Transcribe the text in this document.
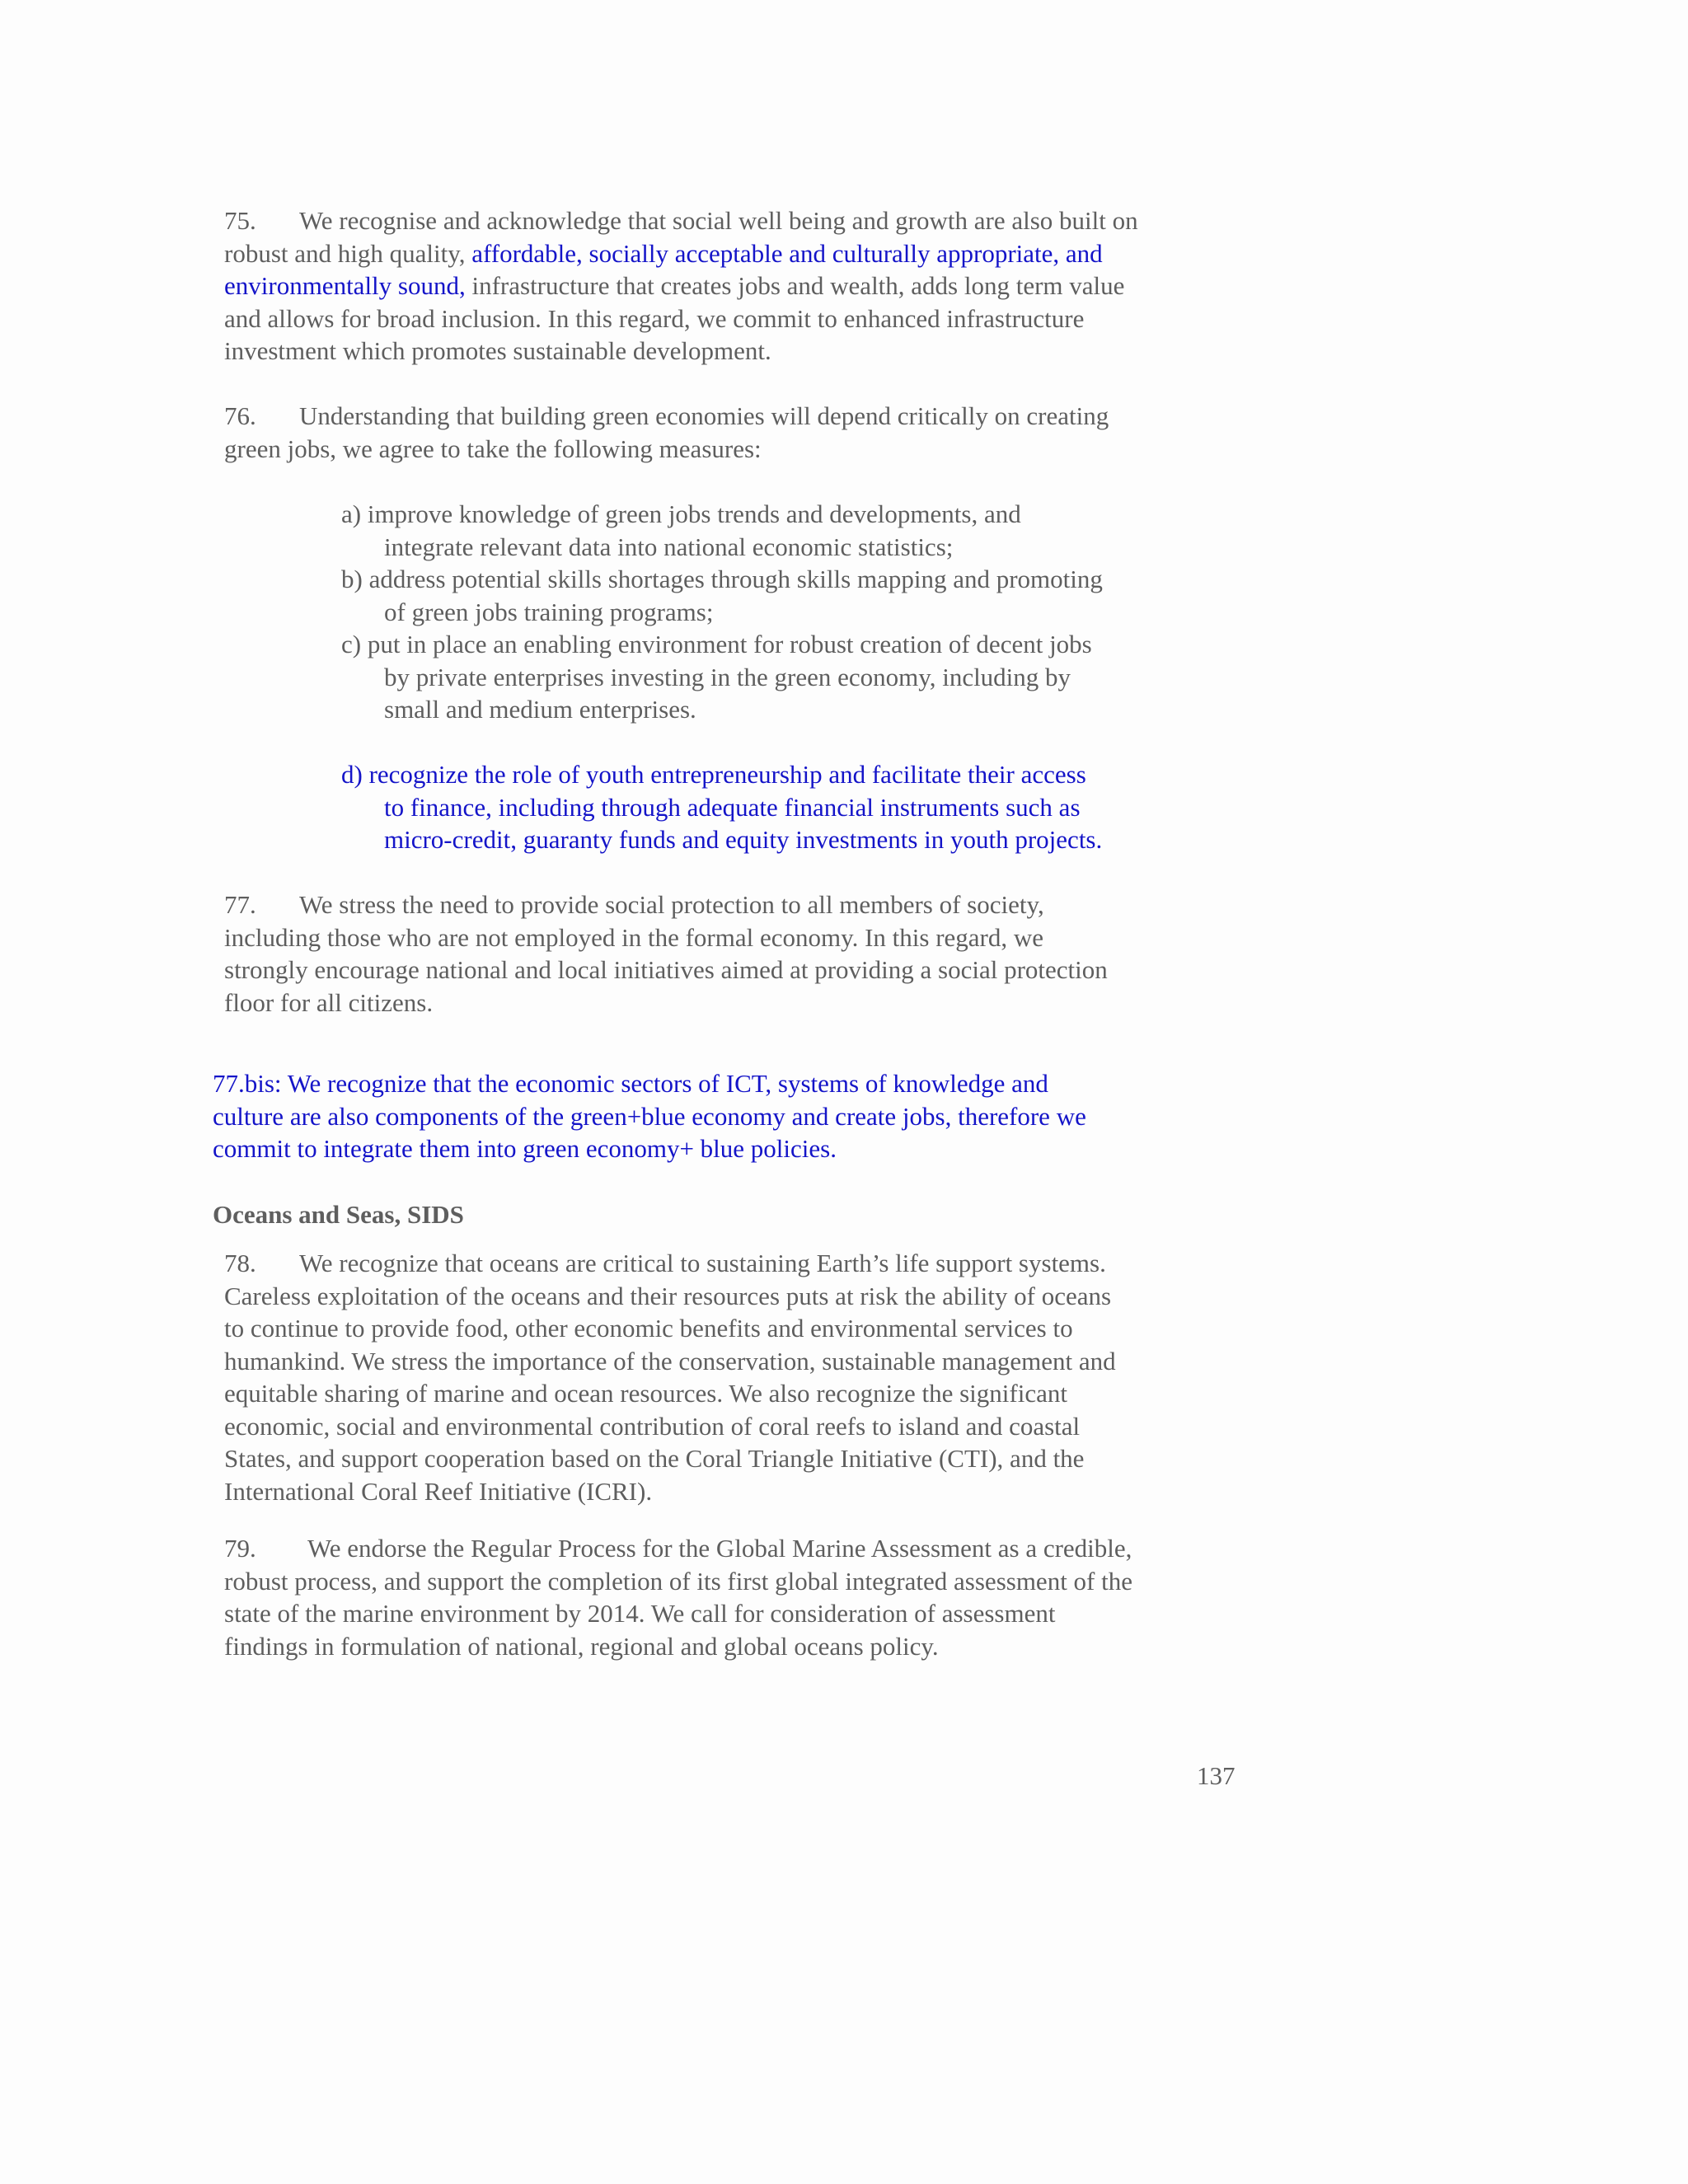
75. We recognise and acknowledge that social well being and growth are also built on
robust and high quality, affordable, socially acceptable and culturally appropriate, and
environmentally sound, infrastructure that creates jobs and wealth, adds long term value
and allows for broad inclusion. In this regard, we commit to enhanced infrastructure
investment which promotes sustainable development.
76. Understanding that building green economies will depend critically on creating
green jobs, we agree to take the following measures:
a) improve knowledge of green jobs trends and developments, and
integrate relevant data into national economic statistics;
b) address potential skills shortages through skills mapping and promoting
of green jobs training programs;
c) put in place an enabling environment for robust creation of decent jobs
by private enterprises investing in the green economy, including by
small and medium enterprises.
d) recognize the role of youth entrepreneurship and facilitate their access
to finance, including through adequate financial instruments such as
micro-credit, guaranty funds and equity investments in youth projects.
77. We stress the need to provide social protection to all members of society,
including those who are not employed in the formal economy. In this regard, we
strongly encourage national and local initiatives aimed at providing a social protection
floor for all citizens.
77.bis: We recognize that the economic sectors of ICT, systems of knowledge and
culture are also components of the green+blue economy and create jobs, therefore we
commit to integrate them into green economy+ blue policies.
Oceans and Seas, SIDS
78. We recognize that oceans are critical to sustaining Earth’s life support systems.
Careless exploitation of the oceans and their resources puts at risk the ability of oceans
to continue to provide food, other economic benefits and environmental services to
humankind. We stress the importance of the conservation, sustainable management and
equitable sharing of marine and ocean resources. We also recognize the significant
economic, social and environmental contribution of coral reefs to island and coastal
States, and support cooperation based on the Coral Triangle Initiative (CTI), and the
International Coral Reef Initiative (ICRI).
79. We endorse the Regular Process for the Global Marine Assessment as a credible,
robust process, and support the completion of its first global integrated assessment of the
state of the marine environment by 2014. We call for consideration of assessment
findings in formulation of national, regional and global oceans policy.
137
